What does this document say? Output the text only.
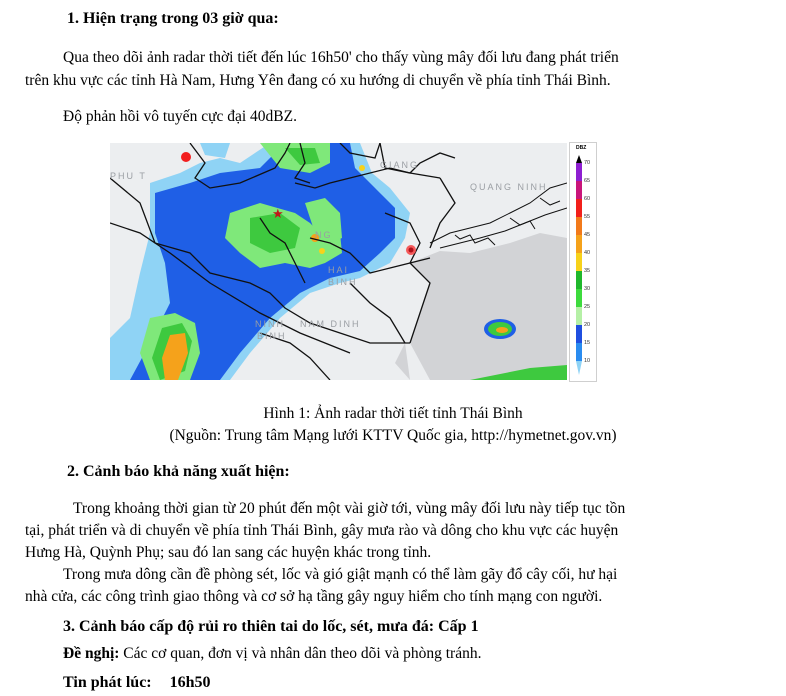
1. Hiện trạng trong 03 giờ qua:
Qua theo dõi ảnh radar thời tiết đến lúc 16h50' cho thấy vùng mây đối lưu đang phát triển
trên khu vực các tỉnh Hà Nam, Hưng Yên đang có xu hướng di chuyển về phía tỉnh Thái Bình.
Độ phản hồi vô tuyến cực đại 40dBZ.
★
PHU T
GIANG
QUANG NINH
NG
HAI
BINH
NINH
BINH
NAM DINH
DBZ
70
65
60
55
45
40
35
30
25
20
15
10
Hình 1: Ảnh radar thời tiết tỉnh Thái Bình
(Nguồn: Trung tâm Mạng lưới KTTV Quốc gia, http://hymetnet.gov.vn)
2. Cảnh báo khả năng xuất hiện:
Trong khoảng thời gian từ 20 phút đến một vài giờ tới, vùng mây đối lưu này tiếp tục tồn
tại, phát triển và di chuyển về phía tỉnh Thái Bình, gây mưa rào và dông cho khu vực các huyện
Hưng Hà, Quỳnh Phụ; sau đó lan sang các huyện khác trong tỉnh.
Trong mưa dông cần đề phòng sét, lốc và gió giật mạnh có thể làm gãy đổ cây cối, hư hại
nhà cửa, các công trình giao thông và cơ sở hạ tầng gây nguy hiểm cho tính mạng con người.
3. Cảnh báo cấp độ rủi ro thiên tai do lốc, sét, mưa đá: Cấp 1
Đề nghị: Các cơ quan, đơn vị và nhân dân theo dõi và phòng tránh.
Tin phát lúc: 16h50
